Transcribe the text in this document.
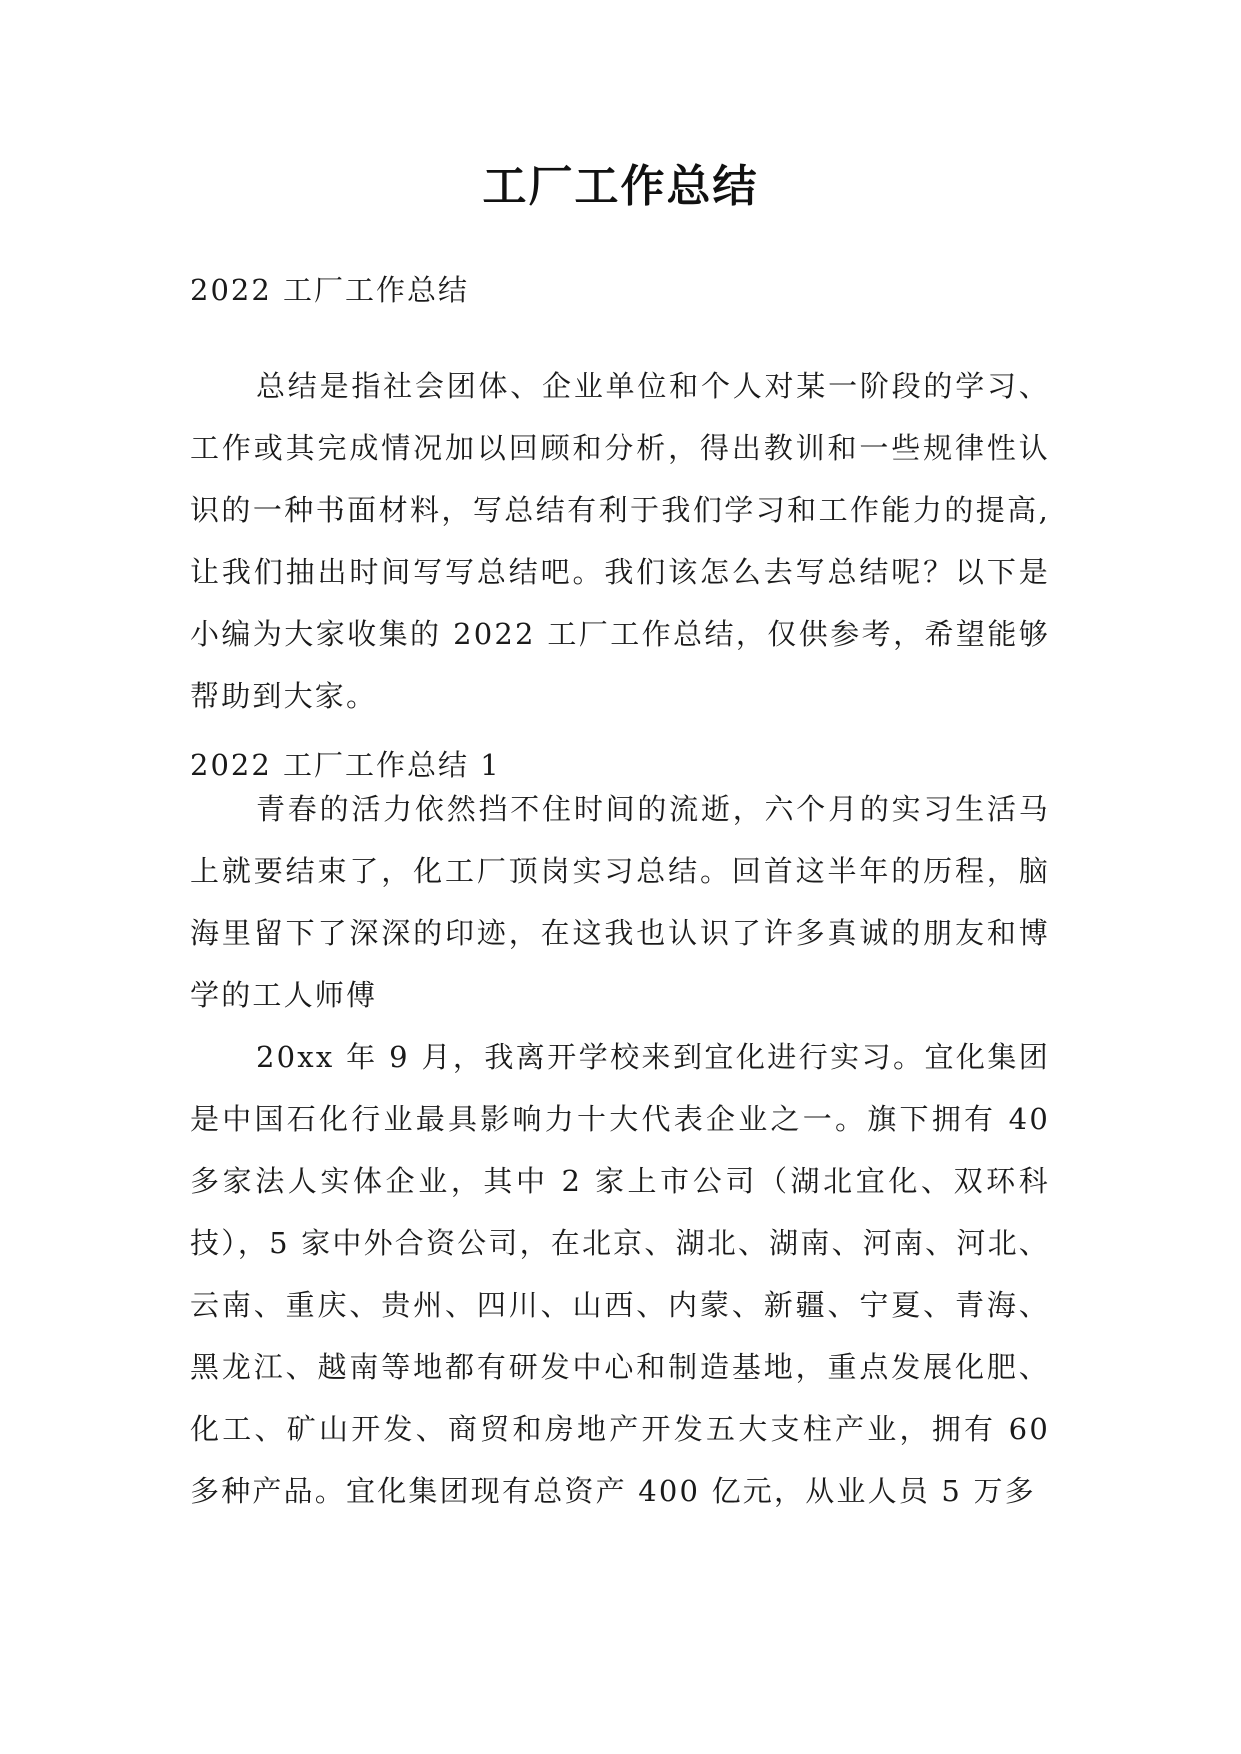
工厂工作总结

2022 工厂工作总结

总结是指社会团体、企业单位和个人对某一阶段的学习、工作或其完成情况加以回顾和分析，得出教训和一些规律性认识的一种书面材料，写总结有利于我们学习和工作能力的提高,让我们抽出时间写写总结吧。我们该怎么去写总结呢？以下是小编为大家收集的 2022 工厂工作总结，仅供参考，希望能够帮助到大家。

2022 工厂工作总结 1

青春的活力依然挡不住时间的流逝，六个月的实习生活马上就要结束了，化工厂顶岗实习总结。回首这半年的历程，脑海里留下了深深的印迹，在这我也认识了许多真诚的朋友和博学的工人师傅

20xx 年 9 月，我离开学校来到宜化进行实习。宜化集团是中国石化行业最具影响力十大代表企业之一。旗下拥有 40 多家法人实体企业，其中 2 家上市公司（湖北宜化、双环科技），5 家中外合资公司，在北京、湖北、湖南、河南、河北、云南、重庆、贵州、四川、山西、内蒙、新疆、宁夏、青海、黑龙江、越南等地都有研发中心和制造基地，重点发展化肥、化工、矿山开发、商贸和房地产开发五大支柱产业，拥有 60 多种产品。宜化集团现有总资产 400 亿元，从业人员 5 万多
